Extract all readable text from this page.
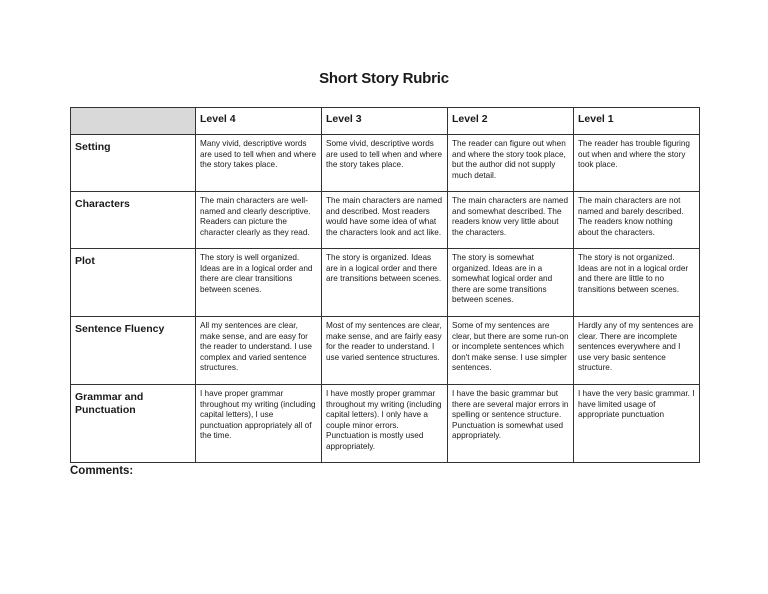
Short Story Rubric
	Level 4	Level 3	Level 2	Level 1
Setting	Many vivid, descriptive words are used to tell when and where the story takes place.	Some vivid, descriptive words are used to tell when and where the story takes place.	The reader can figure out when and where the story took place, but the author did not supply much detail.	The reader has trouble figuring out when and where the story took place.
Characters	The main characters are well-named and clearly descriptive. Readers can picture the character clearly as they read.	The main characters are named and described. Most readers would have some idea of what the characters look and act like.	The main characters are named and somewhat described. The readers know very little about the characters.	The main characters are not named and barely described. The readers know nothing about the characters.
Plot	The story is well organized. Ideas are in a logical order and there are clear transitions between scenes.	The story is organized. Ideas are in a logical order and there are transitions between scenes.	The story is somewhat organized. Ideas are in a somewhat logical order and there are some transitions between scenes.	The story is not organized. Ideas are not in a logical order and there are little to no transitions between scenes.
Sentence Fluency	All my sentences are clear, make sense, and are easy for the reader to understand. I use complex and varied sentence structures.	Most of my sentences are clear, make sense, and are fairly easy for the reader to understand. I use varied sentence structures.	Some of my sentences are clear, but there are some run-on or incomplete sentences which don't make sense. I use simpler sentences.	Hardly any of my sentences are clear. There are incomplete sentences everywhere and I use very basic sentence structure.
Grammar and Punctuation	I have proper grammar throughout my writing (including capital letters), I use punctuation appropriately all of the time.	I have mostly proper grammar throughout my writing (including capital letters). I only have a couple minor errors. Punctuation is mostly used appropriately.	I have the basic grammar but there are several major errors in spelling or sentence structure. Punctuation is somewhat used appropriately.	I have the very basic grammar. I have limited usage of appropriate punctuation
Comments:
